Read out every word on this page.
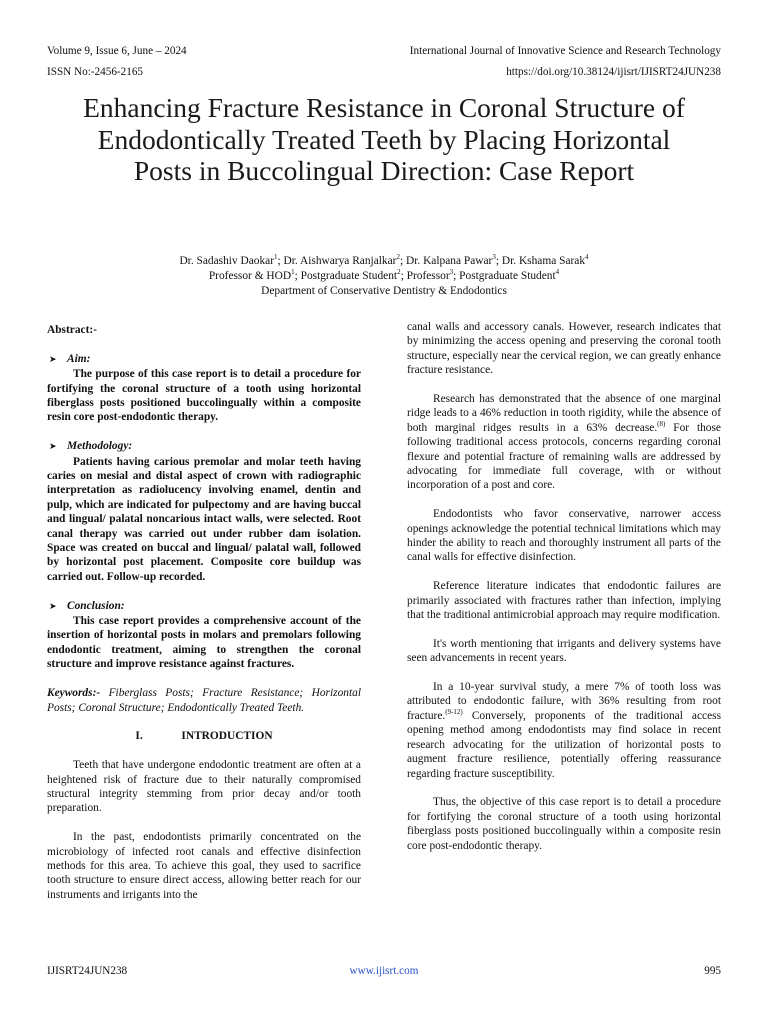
Volume 9, Issue 6, June – 2024	International Journal of Innovative Science and Research Technology
ISSN No:-2456-2165	https://doi.org/10.38124/ijisrt/IJISRT24JUN238
Enhancing Fracture Resistance in Coronal Structure of Endodontically Treated Teeth by Placing Horizontal Posts in Buccolingual Direction: Case Report
Dr. Sadashiv Daokar$^1$; Dr. Aishwarya Ranjalkar$^2$; Dr. Kalpana Pawar$^3$; Dr. Kshama Sarak$^4$
Professor & HOD$^1$; Postgraduate Student$^2$; Professor$^3$; Postgraduate Student$^4$
Department of Conservative Dentistry & Endodontics

Abstract:-

➤ Aim:

The purpose of this case report is to detail a procedure for fortifying the coronal structure of a tooth using horizontal fiberglass posts positioned buccolingually within a composite resin core post-endodontic therapy.

➤ Methodology:

Patients having carious premolar and molar teeth having caries on mesial and distal aspect of crown with radiographic interpretation as radiolucency involving enamel, dentin and pulp, which are indicated for pulpectomy and are having buccal and lingual/ palatal noncarious intact walls, were selected. Root canal therapy was carried out under rubber dam isolation. Space was created on buccal and lingual/ palatal wall, followed by horizontal post placement. Composite core buildup was carried out. Follow-up recorded.

➤ Conclusion:

This case report provides a comprehensive account of the insertion of horizontal posts in molars and premolars following endodontic treatment, aiming to strengthen the coronal structure and improve resistance against fractures.

Keywords:- Fiberglass Posts; Fracture Resistance; Horizontal Posts; Coronal Structure; Endodontically Treated Teeth.

I.	INTRODUCTION

Teeth that have undergone endodontic treatment are often at a heightened risk of fracture due to their naturally compromised structural integrity stemming from prior decay and/or tooth preparation.

In the past, endodontists primarily concentrated on the microbiology of infected root canals and effective disinfection methods for this area. To achieve this goal, they used to sacrifice tooth structure to ensure direct access, allowing better reach for our instruments and irrigants into the

canal walls and accessory canals. However, research indicates that by minimizing the access opening and preserving the coronal tooth structure, especially near the cervical region, we can greatly enhance fracture resistance.

Research has demonstrated that the absence of one marginal ridge leads to a 46% reduction in tooth rigidity, while the absence of both marginal ridges results in a 63% decrease.$^{(8)}$ For those following traditional access protocols, concerns regarding coronal flexure and potential fracture of remaining walls are addressed by advocating for immediate full coverage, with or without incorporation of a post and core.

Endodontists who favor conservative, narrower access openings acknowledge the potential technical limitations which may hinder the ability to reach and thoroughly instrument all parts of the canal walls for effective disinfection.

Reference literature indicates that endodontic failures are primarily associated with fractures rather than infection, implying that the traditional antimicrobial approach may require modification.

It's worth mentioning that irrigants and delivery systems have seen advancements in recent years.

In a 10-year survival study, a mere 7% of tooth loss was attributed to endodontic failure, with 36% resulting from root fracture.$^{(9-12)}$ Conversely, proponents of the traditional access opening method among endodontists may find solace in recent research advocating for the utilization of horizontal posts to augment fracture resilience, potentially offering reassurance regarding fracture susceptibility.

Thus, the objective of this case report is to detail a procedure for fortifying the coronal structure of a tooth using horizontal fiberglass posts positioned buccolingually within a composite resin core post-endodontic therapy.

IJISRT24JUN238	www.ijisrt.com	995
